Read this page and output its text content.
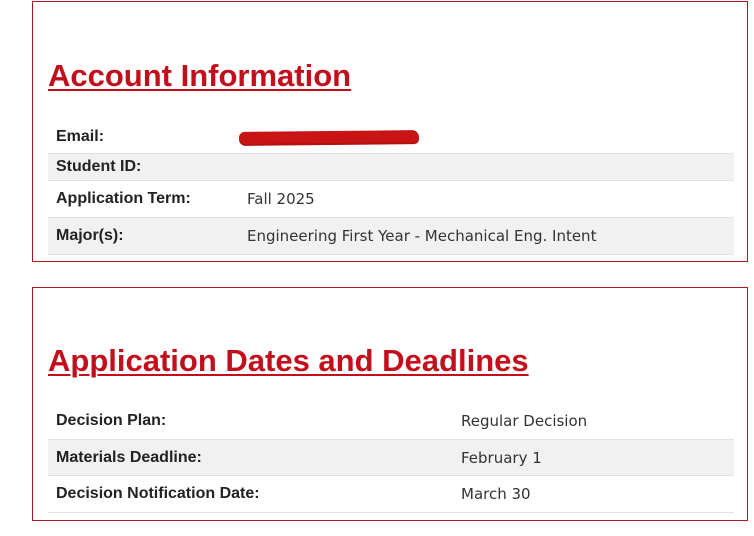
Account Information
Email:
Student ID:
Application Term:	Fall 2025
Major(s):	Engineering First Year - Mechanical Eng. Intent
Application Dates and Deadlines
Decision Plan:	Regular Decision
Materials Deadline:	February 1
Decision Notification Date:	March 30
